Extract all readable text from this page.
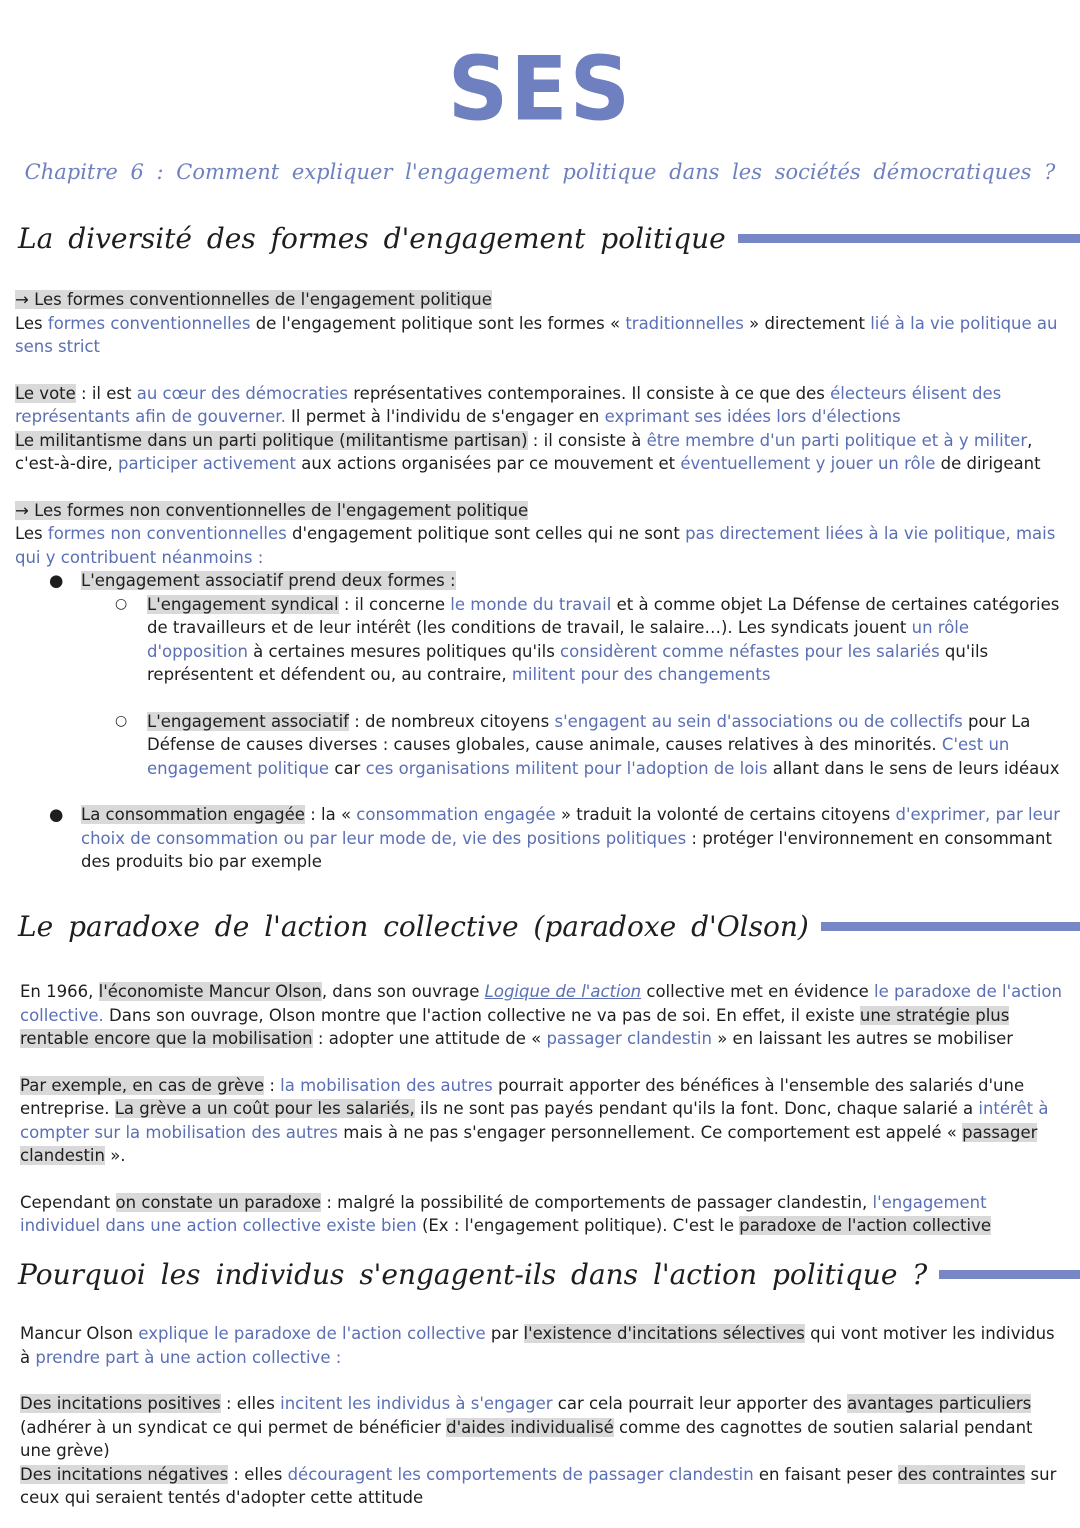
SES
Chapitre 6 : Comment expliquer l'engagement politique dans les sociétés démocratiques ?
La diversité des formes d'engagement politique

→ Les formes conventionnelles de l'engagement politique

Les formes conventionnelles de l'engagement politique sont les formes « traditionnelles » directement lié à la vie politique au sens strict

Le vote : il est au cœur des démocraties représentatives contemporaines. Il consiste à ce que des électeurs élisent des représentants afin de gouverner. Il permet à l'individu de s'engager en exprimant ses idées lors d'élections

Le militantisme dans un parti politique (militantisme partisan) : il consiste à être membre d'un parti politique et à y militer, c'est-à-dire, participer activement aux actions organisées par ce mouvement et éventuellement y jouer un rôle de dirigeant

→ Les formes non conventionnelles de l'engagement politique

Les formes non conventionnelles d'engagement politique sont celles qui ne sont pas directement liées à la vie politique, mais qui y contribuent néanmoins :

● L'engagement associatif prend deux formes :

○ L'engagement syndical : il concerne le monde du travail et à comme objet La Défense de certaines catégories de travailleurs et de leur intérêt (les conditions de travail, le salaire…). Les syndicats jouent un rôle d'opposition à certaines mesures politiques qu'ils considèrent comme néfastes pour les salariés qu'ils représentent et défendent ou, au contraire, militent pour des changements

○ L'engagement associatif : de nombreux citoyens s'engagent au sein d'associations ou de collectifs pour La Défense de causes diverses : causes globales, cause animale, causes relatives à des minorités. C'est un engagement politique car ces organisations militent pour l'adoption de lois allant dans le sens de leurs idéaux

● La consommation engagée : la « consommation engagée » traduit la volonté de certains citoyens d'exprimer, par leur choix de consommation ou par leur mode de, vie des positions politiques : protéger l'environnement en consommant des produits bio par exemple

Le paradoxe de l'action collective (paradoxe d'Olson)

En 1966, l'économiste Mancur Olson, dans son ouvrage Logique de l'action collective met en évidence le paradoxe de l'action collective. Dans son ouvrage, Olson montre que l'action collective ne va pas de soi. En effet, il existe une stratégie plus rentable encore que la mobilisation : adopter une attitude de « passager clandestin » en laissant les autres se mobiliser

Par exemple, en cas de grève : la mobilisation des autres pourrait apporter des bénéfices à l'ensemble des salariés d'une entreprise. La grève a un coût pour les salariés, ils ne sont pas payés pendant qu'ils la font. Donc, chaque salarié a intérêt à compter sur la mobilisation des autres mais à ne pas s'engager personnellement. Ce comportement est appelé « passager clandestin ».

Cependant on constate un paradoxe : malgré la possibilité de comportements de passager clandestin, l'engagement individuel dans une action collective existe bien (Ex : l'engagement politique). C'est le paradoxe de l'action collective

Pourquoi les individus s'engagent-ils dans l'action politique ?

Mancur Olson explique le paradoxe de l'action collective par l'existence d'incitations sélectives qui vont motiver les individus à prendre part à une action collective :

Des incitations positives : elles incitent les individus à s'engager car cela pourrait leur apporter des avantages particuliers (adhérer à un syndicat ce qui permet de bénéficier d'aides individualisé comme des cagnottes de soutien salarial pendant une grève)

Des incitations négatives : elles découragent les comportements de passager clandestin en faisant peser des contraintes sur ceux qui seraient tentés d'adopter cette attitude
